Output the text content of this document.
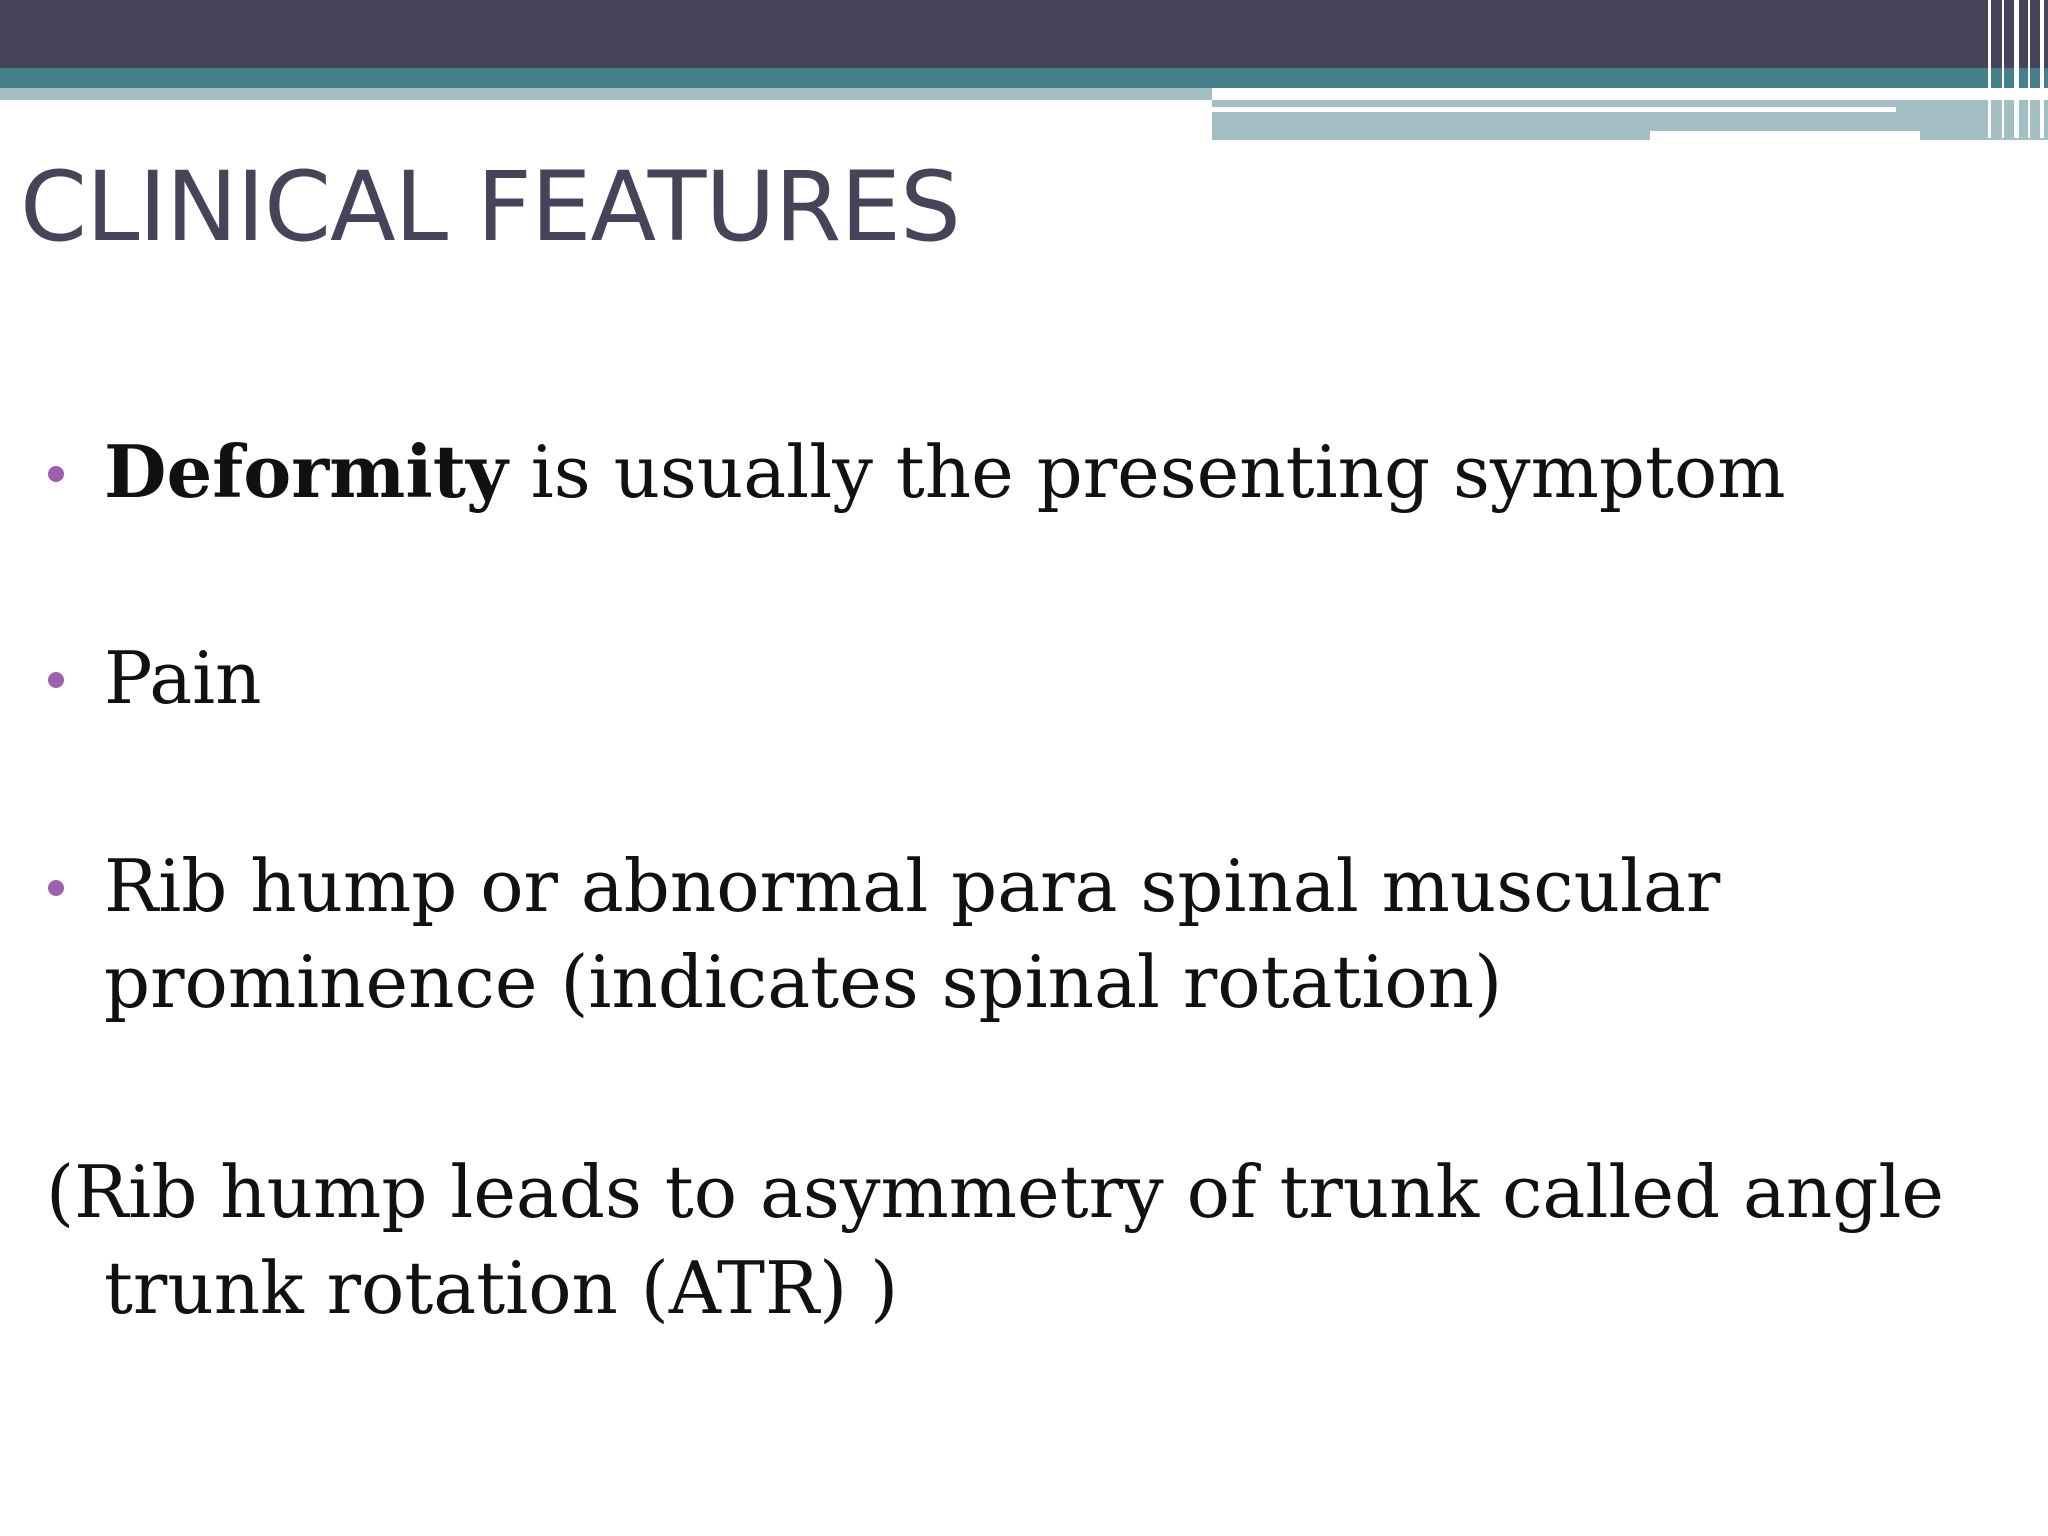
CLINICAL FEATURES

Deformity is usually the presenting symptom

Pain

Rib hump or abnormal para spinal muscular prominence (indicates spinal rotation)

(Rib hump leads to asymmetry of trunk called angle trunk rotation (ATR) )
